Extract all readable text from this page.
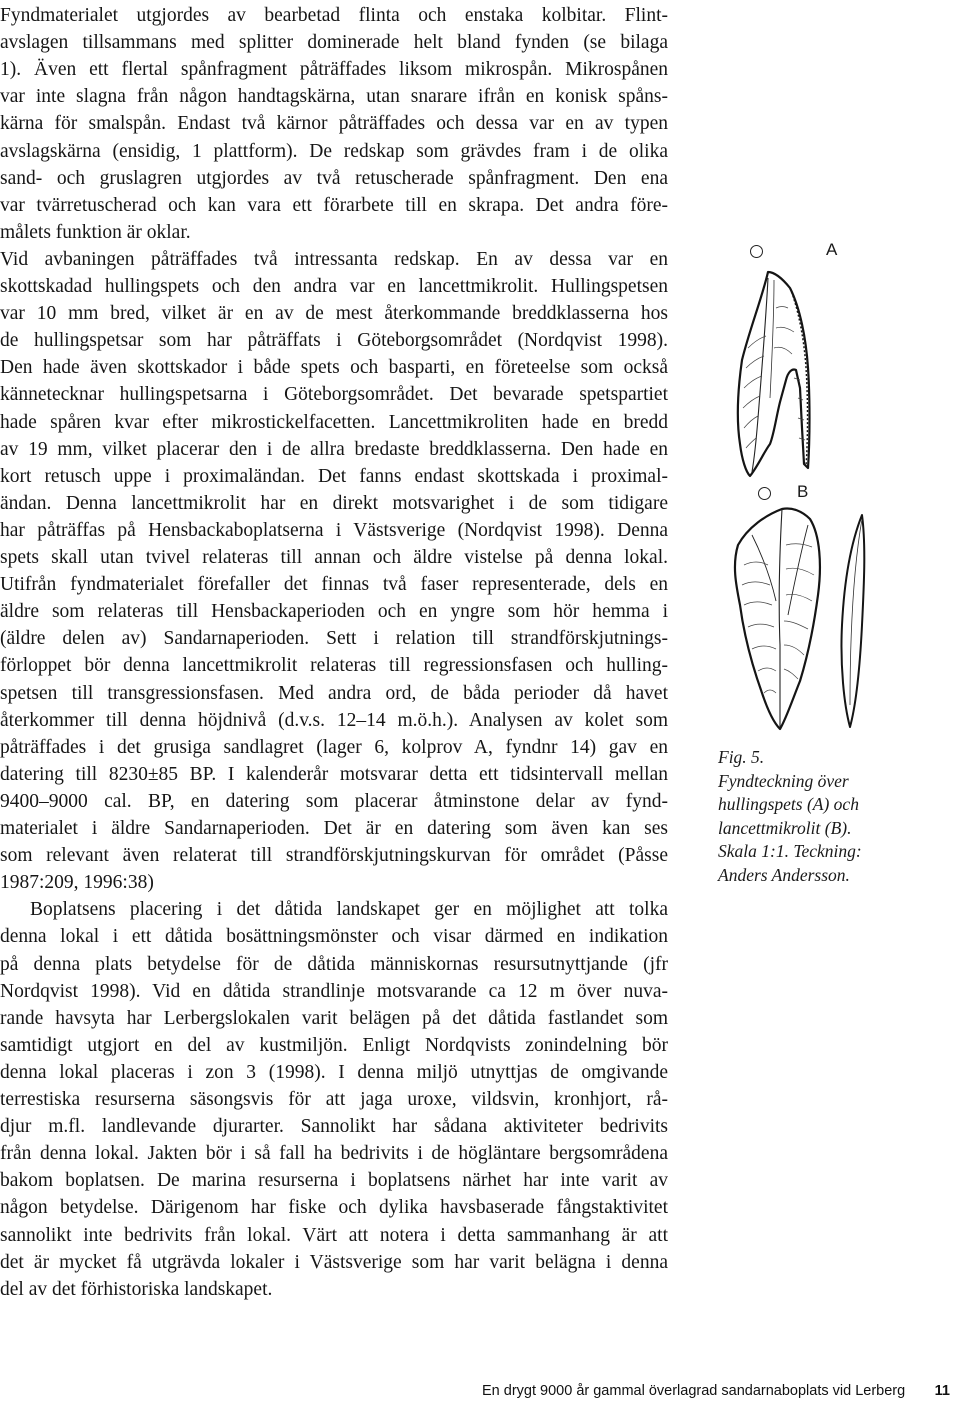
Fyndmaterialet utgjordes av bearbetad flinta och enstaka kolbitar. Flint-
avslagen tillsammans med splitter dominerade helt bland fynden (se bilaga
1). Även ett flertal spånfragment påträffades liksom mikrospån. Mikrospånen
var inte slagna från någon handtagskärna, utan snarare ifrån en konisk spåns-
kärna för smalspån. Endast två kärnor påträffades och dessa var en av typen
avslagskärna (ensidig, 1 plattform). De redskap som grävdes fram i de olika
sand- och gruslagren utgjordes av två retuscherade spånfragment. Den ena
var tvärretuscherad och kan vara ett förarbete till en skrapa. Det andra före-
målets funktion är oklar.
Vid avbaningen påträffades två intressanta redskap. En av dessa var en
skottskadad hullingspets och den andra var en lancettmikrolit. Hullingspetsen
var 10 mm bred, vilket är en av de mest återkommande breddklasserna hos
de hullingspetsar som har påträffats i Göteborgsområdet (Nordqvist 1998).
Den hade även skottskador i både spets och basparti, en företeelse som också
kännetecknar hullingspetsarna i Göteborgsområdet. Det bevarade spetspartiet
hade spåren kvar efter mikrostickelfacetten. Lancettmikroliten hade en bredd
av 19 mm, vilket placerar den i de allra bredaste breddklasserna. Den hade en
kort retusch uppe i proximaländan. Det fanns endast skottskada i proximal-
ändan. Denna lancettmikrolit har en direkt motsvarighet i de som tidigare
har påträffas på Hensbackaboplatserna i Västsverige (Nordqvist 1998). Denna
spets skall utan tvivel relateras till annan och äldre vistelse på denna lokal.
Utifrån fyndmaterialet förefaller det finnas två faser representerade, dels en
äldre som relateras till Hensbackaperioden och en yngre som hör hemma i
(äldre delen av) Sandarnaperioden. Sett i relation till strandförskjutnings-
förloppet bör denna lancettmikrolit relateras till regressionsfasen och hulling-
spetsen till transgressionsfasen. Med andra ord, de båda perioder då havet
återkommer till denna höjdnivå (d.v.s. 12–14 m.ö.h.). Analysen av kolet som
påträffades i det grusiga sandlagret (lager 6, kolprov A, fyndnr 14) gav en
datering till 8230±85 BP. I kalenderår motsvarar detta ett tidsintervall mellan
9400–9000 cal. BP, en datering som placerar åtminstone delar av fynd-
materialet i äldre Sandarnaperioden. Det är en datering som även kan ses
som relevant även relaterat till strandförskjutningskurvan för området (Påsse
1987:209, 1996:38)
Boplatsens placering i det dåtida landskapet ger en möjlighet att tolka
denna lokal i ett dåtida bosättningsmönster och visar därmed en indikation
på denna plats betydelse för de dåtida människornas resursutnyttjande (jfr
Nordqvist 1998). Vid en dåtida strandlinje motsvarande ca 12 m över nuva-
rande havsyta har Lerbergslokalen varit belägen på det dåtida fastlandet som
samtidigt utgjort en del av kustmiljön. Enligt Nordqvists zonindelning bör
denna lokal placeras i zon 3 (1998). I denna miljö utnyttjas de omgivande
terrestiska resurserna säsongsvis för att jaga uroxe, vildsvin, kronhjort, rå-
djur m.fl. landlevande djurarter. Sannolikt har sådana aktiviteter bedrivits
från denna lokal. Jakten bör i så fall ha bedrivits i de högläntare bergsområdena
bakom boplatsen. De marina resurserna i boplatsens närhet har inte varit av
någon betydelse. Därigenom har fiske och dylika havsbaserade fångstaktivitet
sannolikt inte bedrivits från lokal. Värt att notera i detta sammanhang är att
det är mycket få utgrävda lokaler i Västsverige som har varit belägna i denna
del av det förhistoriska landskapet.
A
B
Fig. 5.
Fyndteckning över
hullingspets (A) och
lancettmikrolit (B).
Skala 1:1. Teckning:
Anders Andersson.
En drygt 9000 år gammal överlagrad sandarnaboplats vid Lerberg 11
